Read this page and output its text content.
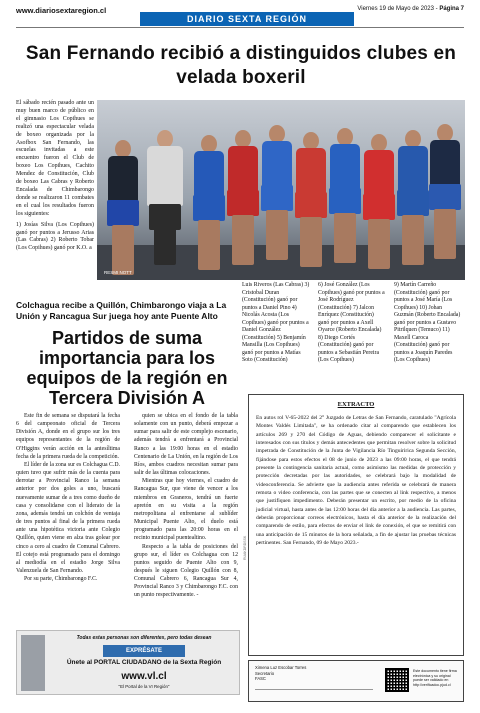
www.diariosextaregion.cl
DIARIO SEXTA REGIÓN
Viernes 19 de Mayo de 2023 - Página 7
San Fernando recibió a distinguidos clubes en velada boxeril

El sábado recién pasado ante un muy buen marco de público en el gimnasio Los Copihues se realizó una espectacular velada de boxeo organizada por la Asofbox San Fernando, las escuelas invitadas a este encuentro fueron el Club de boxeo Los Copihues, Cachito Mendez de Constitución, Club de boxeo Las Cabras y Roberto Encalada de Chimbarongo donde se realizaron 11 combates en el cual los resultados fueron los siguientes:

1) Josías Silva (Los Copihues) ganó por puntos a Jerusso Arias (Las Cabras) 2) Roberto Tobar (Los Copihues) ganó por K.O. a

RESMI NOTT
Luis Riveros (Las Cabras) 3) Cristobal Duran (Constitución) ganó por puntos a Daniel Pino 4) Nicolás Acosta (Los Copihues) ganó por puntos a Daniel González (Constitución) 5) Benjamín Mansilla (Los Copihues) ganó por puntos a Matías Soto (Constitución)
6) José González (Los Copihues) ganó por puntos a José Rodríguez (Constitución) 7) Jalcon Enríquez (Constitución) ganó por puntos a Axell Oyarce (Roberto Encalada) 8) Diego Cortés (Constitución) ganó por puntos a Sebastián Pereira (Los Copihues)
9) Martín Carreño (Constitución) ganó por puntos a José María (Los Copihues) 10) Johan Guzmán (Roberto Encalada) ganó por puntos a Gustavo Pitrilquen (Temuco) 11) Maxell Caroca (Constitución) ganó por puntos a Joaquín Paredes (Los Copihues)
Colchagua recibe a Quillón, Chimbarongo viaja a La Unión y Rancagua Sur juega hoy ante Puente Alto
Partidos de suma importancia para los equipos de la región en Tercera División A

Este fin de semana se disputará la fecha 6 del campeonato oficial de Tercera División A, donde en el grupo sur los tres equipos representantes de la región de O'Higgins verán acción en la antesíltima fecha de la primera rueda de la competición.

El líder de la zona sur es Colchagua C.D. quien tuvo que sufrir más de la cuenta para derrotar a Provincial Ranco la semana anterior por dos goles a uno, buscará nuevamente sumar de a tres como dueño de casa y consolidarse con el liderato de la zona, además tendrá un colchón de ventaja de tres puntos al final de la primera rueda ante una hipotética victoria ante Colegio Quillón, quien viene en alza tras golear por cinco a cero al cuadro de Comunal Cabrero. El cotejo está programado para el domingo al mediodía en el estadio Jorge Silva Valenzuela de San Fernando.

Por su parte, Chimbarongo F.C.

quien se ubica en el fondo de la tabla solamente con un punto, deberá empezar a sumar para salir de este complejo escenario, además tendrá a enfrentará a Provincial Ranco a las 19:00 horas en el estadio Centenario de La Unión, en la región de Los Ríos, ambos cuadros necesitan sumar para salir de las últimas colocaciones.

Mientras que hoy viernes, el cuadro de Rancagua Sur, que viene de vencer a los miembros en Graneros, tendrá un fuerte apretón en su visita a la región metropolitana al enfrentarse al sublíder Municipal Puente Alto, el duelo está programado para las 20:00 horas en el recinto municipal puentealtino.

Respecto a la tabla de posiciones del grupo sur, el líder es Colchagua con 12 puntos seguido de Puente Alto con 9, después le siguen Colegio Quillón con 8, Comunal Cabrero 6, Rancagua Sur 4, Provincial Ranco 3 y Chimbarongo F.C. con un punto respectivamente. -

Todas estas personas son diferentes, pero todas desean
EXPRÉSATE
Únete al PORTAL CIUDADANO de la Sexta Región
www.vl.cl
"El Portal de la VI Región"
EXTRACTO

En autos rol V-65-2022 del 2° Juzgado de Letras de San Fernando, caratulado "Agrícola Montes Valdés Limitada", se ha ordenado citar al comparendo que establecen los artículos 269 y 270 del Código de Aguas, debiendo comparecer el solicitante e interesados con sus títulos y demás antecedentes que permitan resolver sobre la solicitud impetrada de Constitución de la Junta de Vigilancia Río Tinguiririca Segunda Sección, fijándose para estos efectos el 08 de junio de 2023 a las 09:00 horas, el que tendrá presente la contingencia sanitaria actual, como asimismo las medidas de protección y protección decretadas por las autoridades, se celebrará bajo la modalidad de videoconferencia. Se advierte que la audiencia antes referida se celebrará de manera remota o video conferencia, con las partes que se conecten al link respectivo, a menos que justifiquen impedimento. Deberán presentar un escrito, por medio de la oficina judicial virtual, hasta antes de las 12:00 horas del día anterior a la audiencia. Las partes, deberán proporcionar correos electrónicos, hasta el día anterior de la realización del comparendo de estilo, para efectos de enviar el link de conexión, el que se remitirá con una anticipación de 15 minutos de la hora señalada, a fin de ajustar las pruebas técnicas pertinentes. San Fernando, 09 de Mayo 2023.-

RUAKDRDSSK
Ximena Luz Escobar Torres
Secretario
FASC
Este documento tiene firma electrónica y su original puede ser validado en http://verificadoc.pjud.cl
